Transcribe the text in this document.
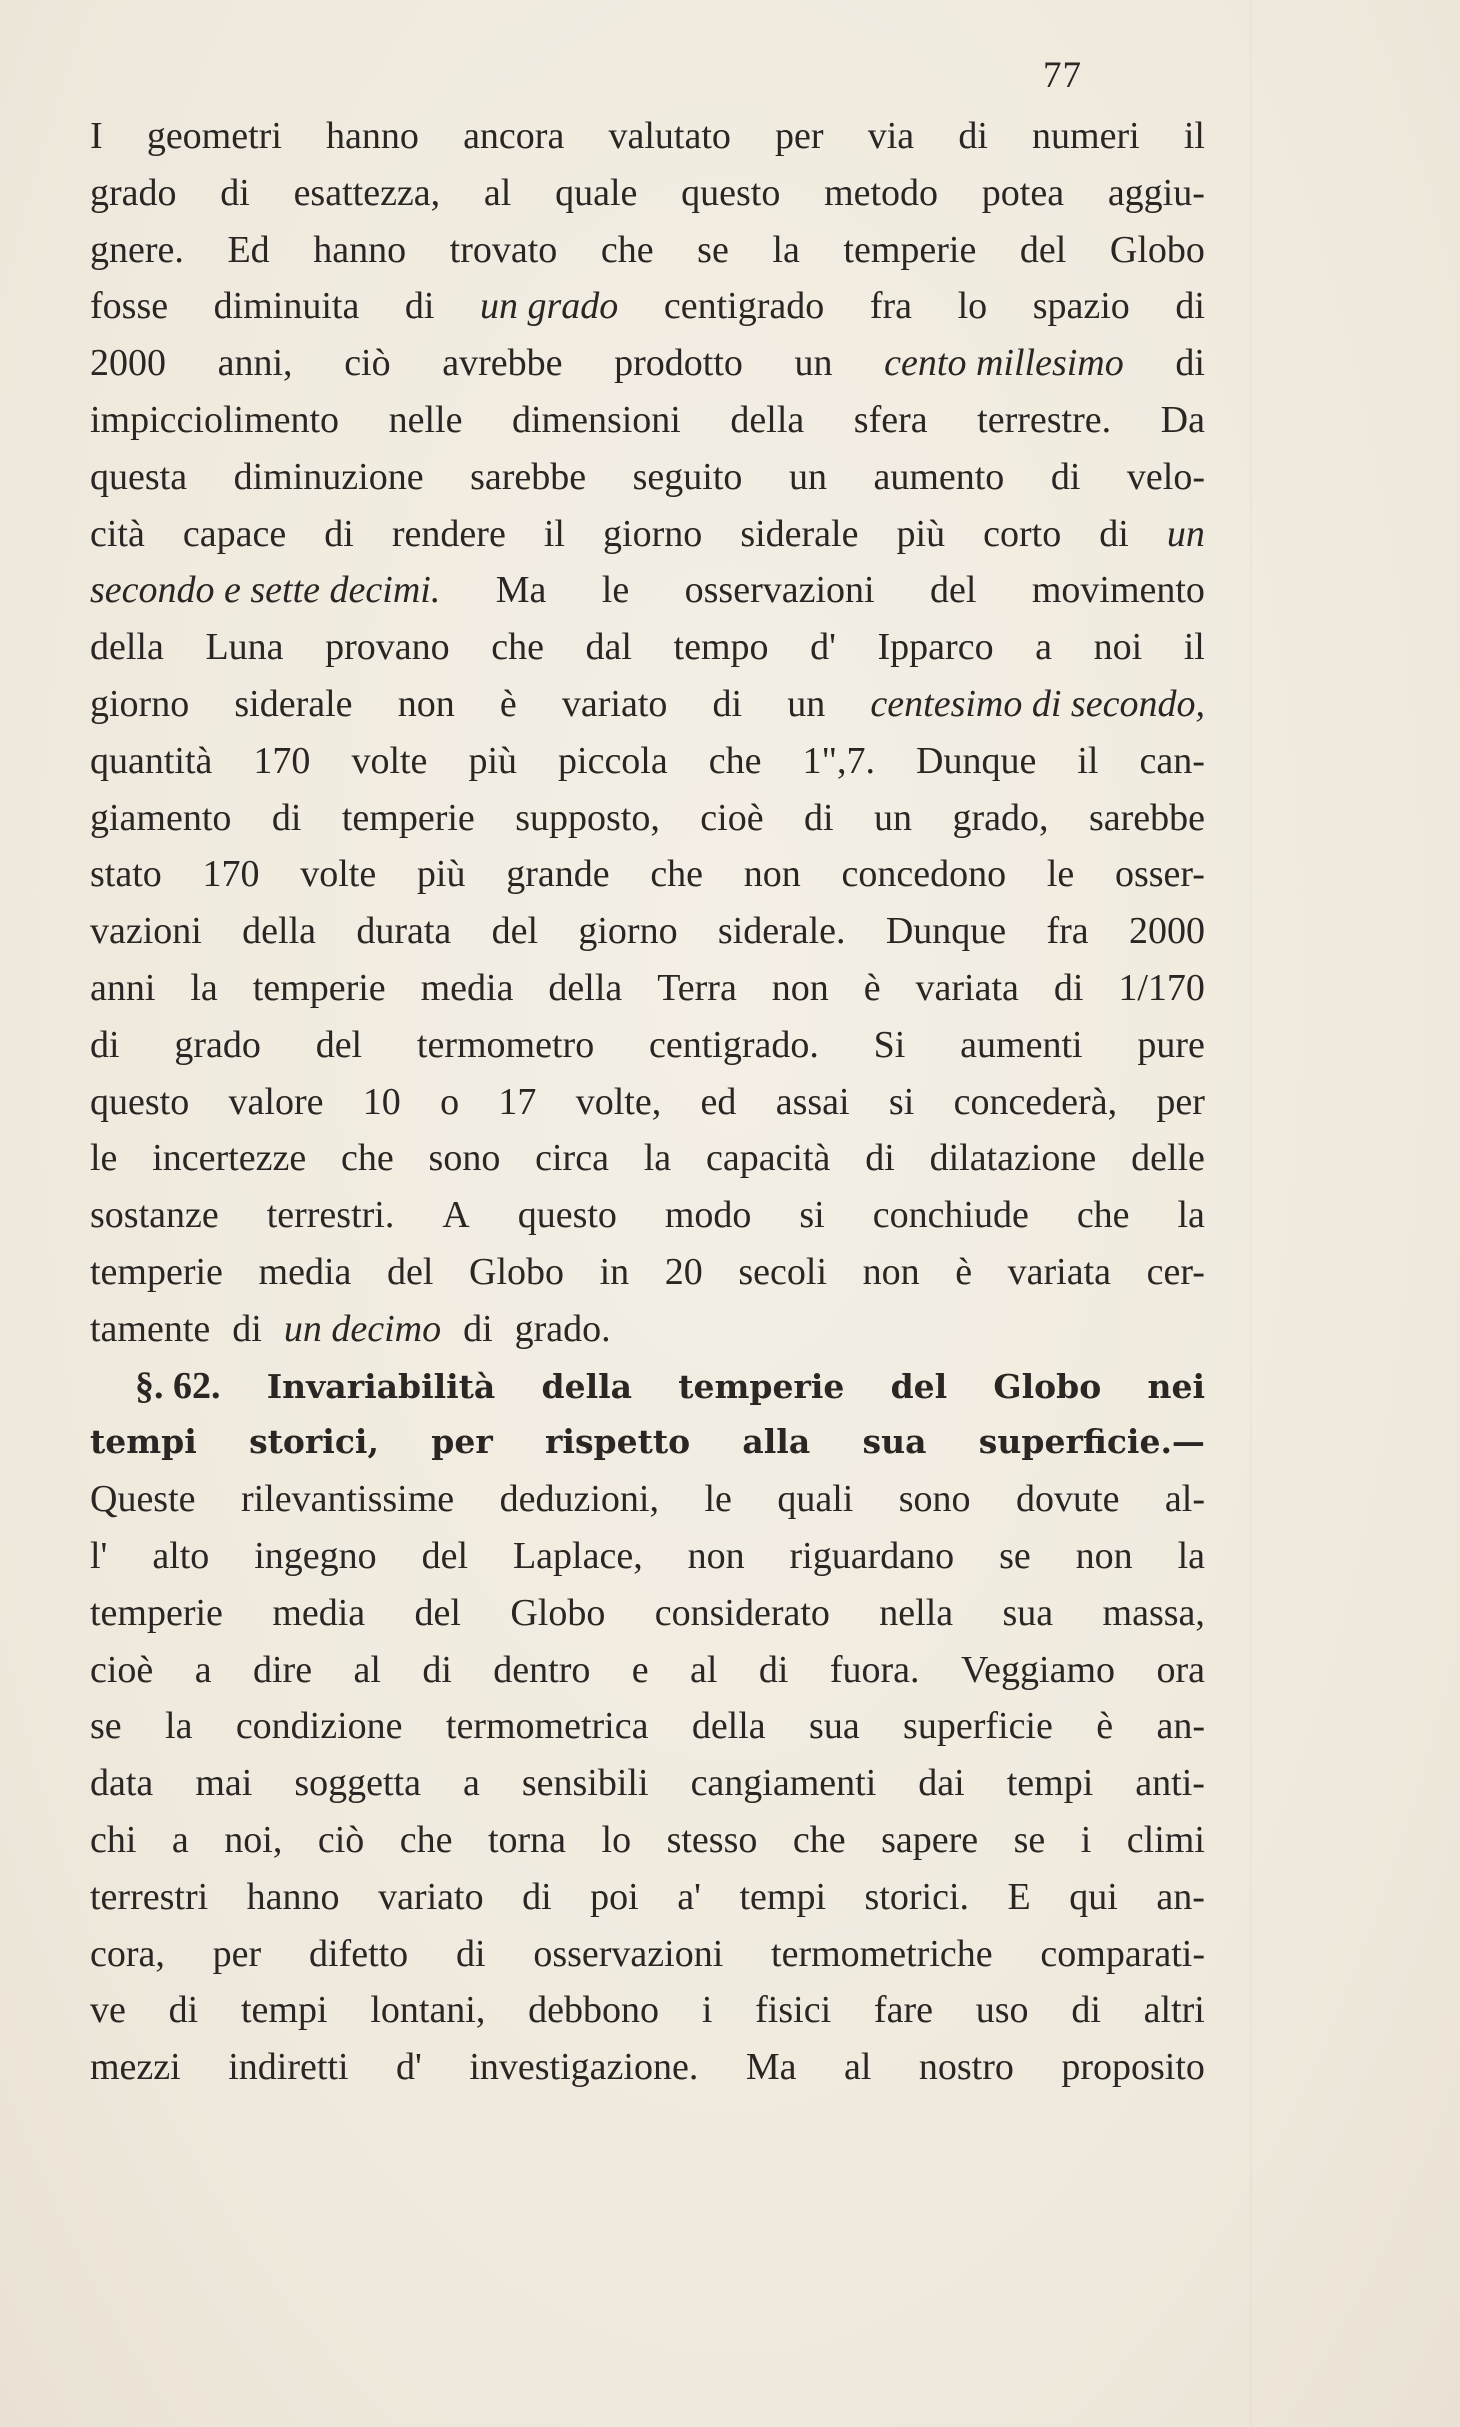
77
I geometri hanno ancora valutato per via di numeri il
grado di esattezza, al quale questo metodo potea aggiu-
gnere. Ed hanno trovato che se la temperie del Globo
fosse diminuita di un grado centigrado fra lo spazio di
2000 anni, ciò avrebbe prodotto un cento millesimo di
impicciolimento nelle dimensioni della sfera terrestre. Da
questa diminuzione sarebbe seguito un aumento di velo-
cità capace di rendere il giorno siderale più corto di un
secondo e sette decimi. Ma le osservazioni del movimento
della Luna provano che dal tempo d' Ipparco a noi il
giorno siderale non è variato di un centesimo di secondo,
quantità 170 volte più piccola che 1",7. Dunque il can-
giamento di temperie supposto, cioè di un grado, sarebbe
stato 170 volte più grande che non concedono le osser-
vazioni della durata del giorno siderale. Dunque fra 2000
anni la temperie media della Terra non è variata di 1/170
di grado del termometro centigrado. Si aumenti pure
questo valore 10 o 17 volte, ed assai si concederà, per
le incertezze che sono circa la capacità di dilatazione delle
sostanze terrestri. A questo modo si conchiude che la
temperie media del Globo in 20 secoli non è variata cer-
tamente di un decimo di grado.
§. 62. Invariabilità della temperie del Globo nei
tempi storici, per rispetto alla sua superficie.—
Queste rilevantissime deduzioni, le quali sono dovute al-
l' alto ingegno del Laplace, non riguardano se non la
temperie media del Globo considerato nella sua massa,
cioè a dire al di dentro e al di fuora. Veggiamo ora
se la condizione termometrica della sua superficie è an-
data mai soggetta a sensibili cangiamenti dai tempi anti-
chi a noi, ciò che torna lo stesso che sapere se i climi
terrestri hanno variato di poi a' tempi storici. E qui an-
cora, per difetto di osservazioni termometriche comparati-
ve di tempi lontani, debbono i fisici fare uso di altri
mezzi indiretti d' investigazione. Ma al nostro proposito
